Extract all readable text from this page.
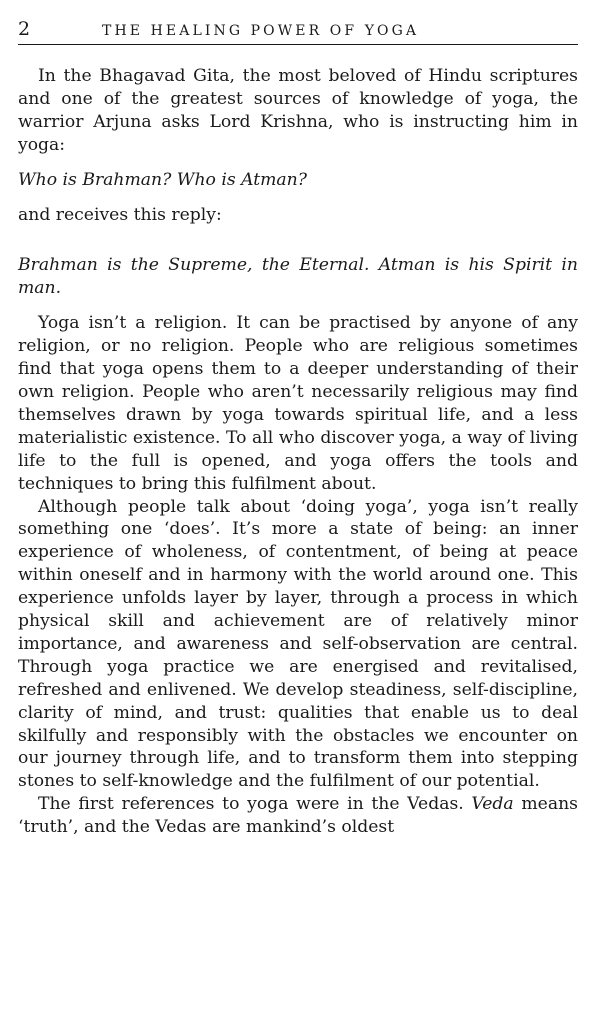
2	THE HEALING POWER OF YOGA

In the Bhagavad Gita, the most beloved of Hindu scriptures and one of the greatest sources of knowledge of yoga, the warrior Arjuna asks Lord Krishna, who is instructing him in yoga:

Who is Brahman? Who is Atman?

and receives this reply:

Brahman is the Supreme, the Eternal. Atman is his Spirit in man.

Yoga isn’t a religion. It can be practised by anyone of any religion, or no religion. People who are religious sometimes find that yoga opens them to a deeper understanding of their own religion. People who aren’t necessarily religious may find themselves drawn by yoga towards spiritual life, and a less materialistic existence. To all who discover yoga, a way of living life to the full is opened, and yoga offers the tools and techniques to bring this fulfilment about.

Although people talk about ‘doing yoga’, yoga isn’t really something one ‘does’. It’s more a state of being: an inner experience of wholeness, of contentment, of being at peace within oneself and in harmony with the world around one. This experience unfolds layer by layer, through a process in which physical skill and achievement are of relatively minor importance, and awareness and self-observation are central. Through yoga practice we are energised and revitalised, refreshed and enlivened. We develop steadiness, self-discipline, clarity of mind, and trust: qualities that enable us to deal skilfully and responsibly with the obstacles we encounter on our journey through life, and to transform them into stepping stones to self-knowledge and the fulfilment of our potential.

The first references to yoga were in the Vedas. Veda means ‘truth’, and the Vedas are mankind’s oldest
